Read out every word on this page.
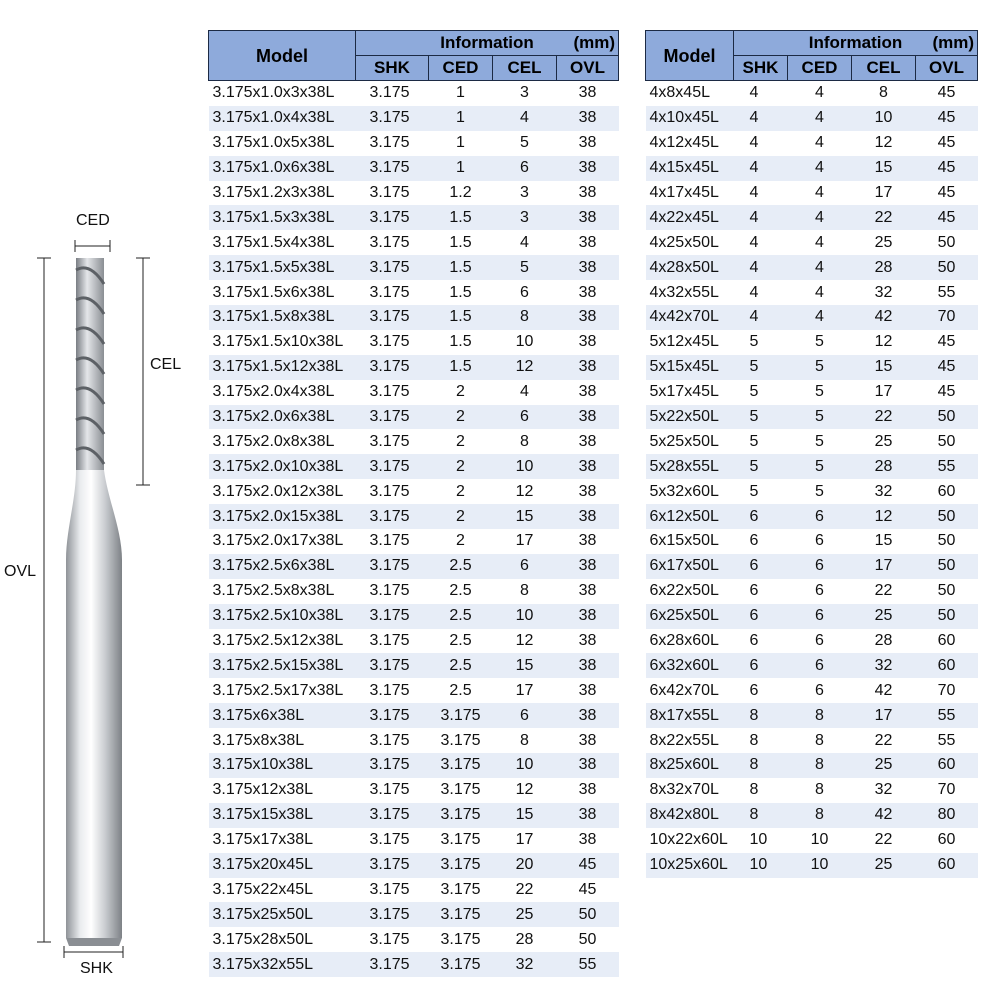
CED
CEL
OVL
SHK
Model	Information (mm)			

	SHK	CED	CEL	OVL
3.175x1.0x3x38L	3.175	1	3	38
3.175x1.0x4x38L	3.175	1	4	38
3.175x1.0x5x38L	3.175	1	5	38
3.175x1.0x6x38L	3.175	1	6	38
3.175x1.2x3x38L	3.175	1.2	3	38
3.175x1.5x3x38L	3.175	1.5	3	38
3.175x1.5x4x38L	3.175	1.5	4	38
3.175x1.5x5x38L	3.175	1.5	5	38
3.175x1.5x6x38L	3.175	1.5	6	38
3.175x1.5x8x38L	3.175	1.5	8	38
3.175x1.5x10x38L	3.175	1.5	10	38
3.175x1.5x12x38L	3.175	1.5	12	38
3.175x2.0x4x38L	3.175	2	4	38
3.175x2.0x6x38L	3.175	2	6	38
3.175x2.0x8x38L	3.175	2	8	38
3.175x2.0x10x38L	3.175	2	10	38
3.175x2.0x12x38L	3.175	2	12	38
3.175x2.0x15x38L	3.175	2	15	38
3.175x2.0x17x38L	3.175	2	17	38
3.175x2.5x6x38L	3.175	2.5	6	38
3.175x2.5x8x38L	3.175	2.5	8	38
3.175x2.5x10x38L	3.175	2.5	10	38
3.175x2.5x12x38L	3.175	2.5	12	38
3.175x2.5x15x38L	3.175	2.5	15	38
3.175x2.5x17x38L	3.175	2.5	17	38
3.175x6x38L	3.175	3.175	6	38
3.175x8x38L	3.175	3.175	8	38
3.175x10x38L	3.175	3.175	10	38
3.175x12x38L	3.175	3.175	12	38
3.175x15x38L	3.175	3.175	15	38
3.175x17x38L	3.175	3.175	17	38
3.175x20x45L	3.175	3.175	20	45
3.175x22x45L	3.175	3.175	22	45
3.175x25x50L	3.175	3.175	25	50
3.175x28x50L	3.175	3.175	28	50
3.175x32x55L	3.175	3.175	32	55
Model	Information (mm)			

	SHK	CED	CEL	OVL
4x8x45L	4	4	8	45
4x10x45L	4	4	10	45
4x12x45L	4	4	12	45
4x15x45L	4	4	15	45
4x17x45L	4	4	17	45
4x22x45L	4	4	22	45
4x25x50L	4	4	25	50
4x28x50L	4	4	28	50
4x32x55L	4	4	32	55
4x42x70L	4	4	42	70
5x12x45L	5	5	12	45
5x15x45L	5	5	15	45
5x17x45L	5	5	17	45
5x22x50L	5	5	22	50
5x25x50L	5	5	25	50
5x28x55L	5	5	28	55
5x32x60L	5	5	32	60
6x12x50L	6	6	12	50
6x15x50L	6	6	15	50
6x17x50L	6	6	17	50
6x22x50L	6	6	22	50
6x25x50L	6	6	25	50
6x28x60L	6	6	28	60
6x32x60L	6	6	32	60
6x42x70L	6	6	42	70
8x17x55L	8	8	17	55
8x22x55L	8	8	22	55
8x25x60L	8	8	25	60
8x32x70L	8	8	32	70
8x42x80L	8	8	42	80
10x22x60L	10	10	22	60
10x25x60L	10	10	25	60
